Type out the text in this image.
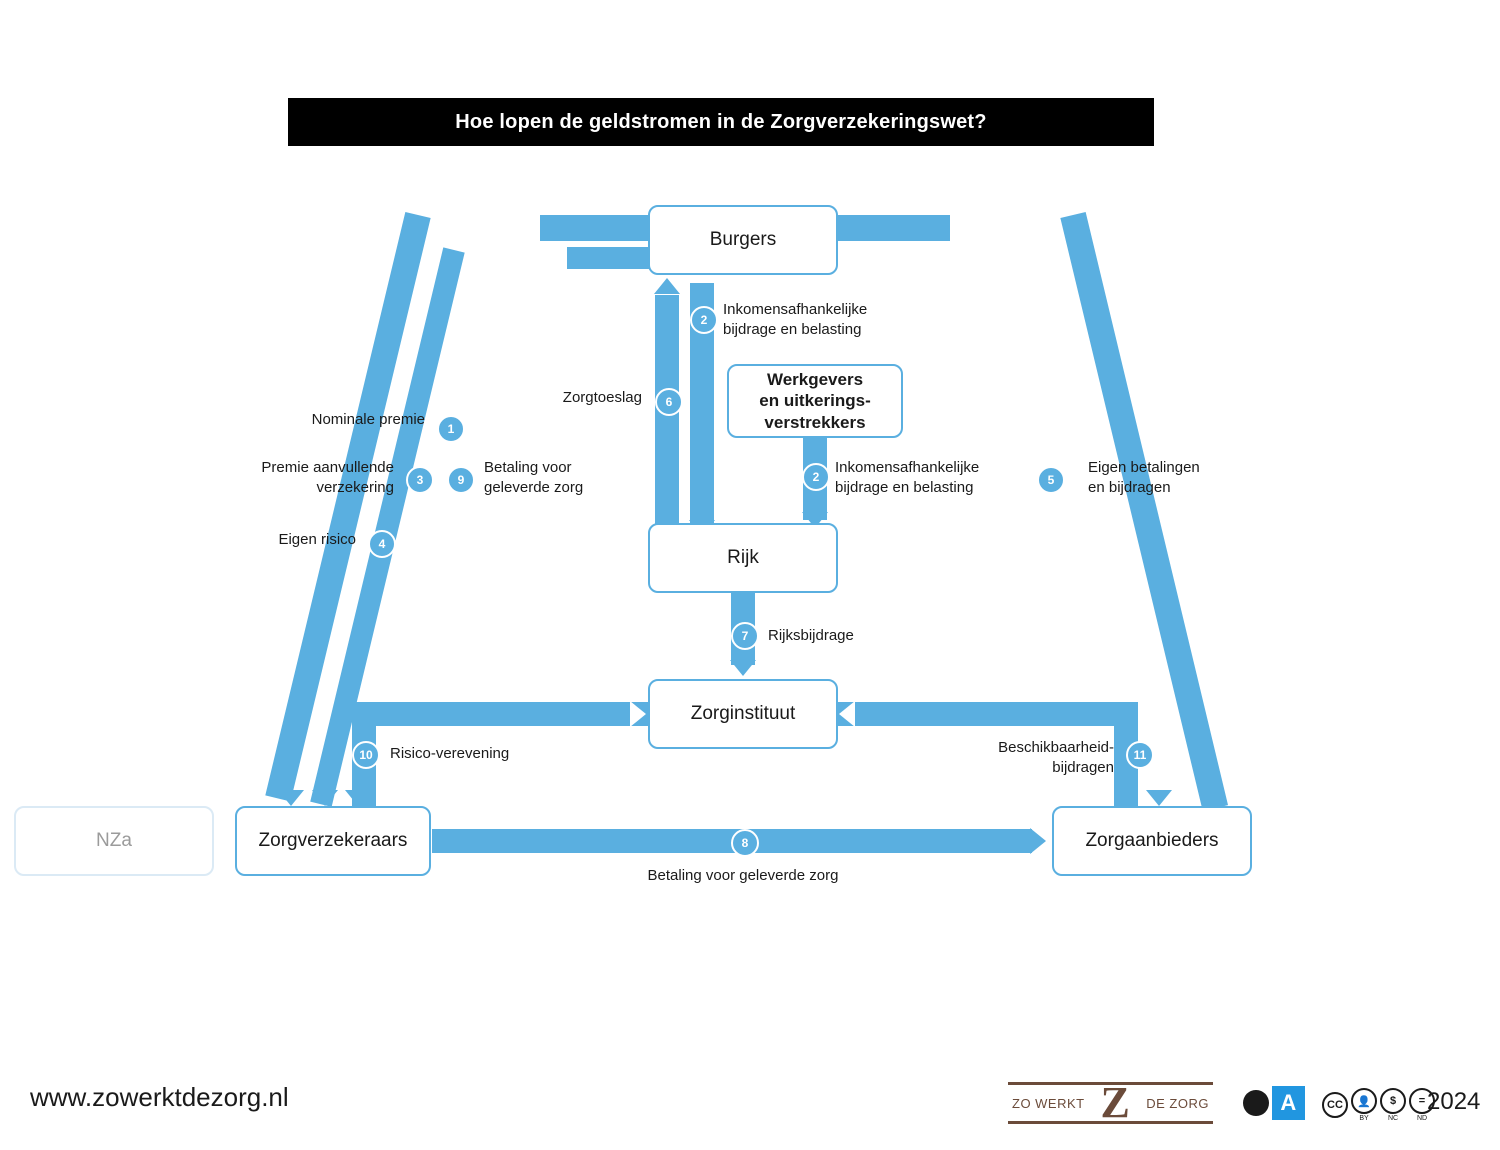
Hoe lopen de geldstromen in de Zorgverzekeringswet?
Burgers
Werkgevers
en uitkerings-
verstrekkers
Rijk
Zorginstituut
Zorgverzekeraars	Zorgaanbieders
NZa
1
2
3
4
5
6
2
7
9
10	11
8
Nominale premie
Premie aanvullende
verzekering
Eigen risico
Zorgtoeslag
Betaling voor
geleverde zorg
Inkomensafhankelijke
bijdrage en belasting
Inkomensafhankelijke
bijdrage en belasting
Eigen betalingen
en bijdragen
Rijksbijdrage
Risico-verevening	Beschikbaarheid-
bijdragen
Betaling voor geleverde zorg
www.zowerktdezorg.nl	ZO WERKT Z DE ZORG	A	CC	👤
BY
$
NC
=
ND
2024
